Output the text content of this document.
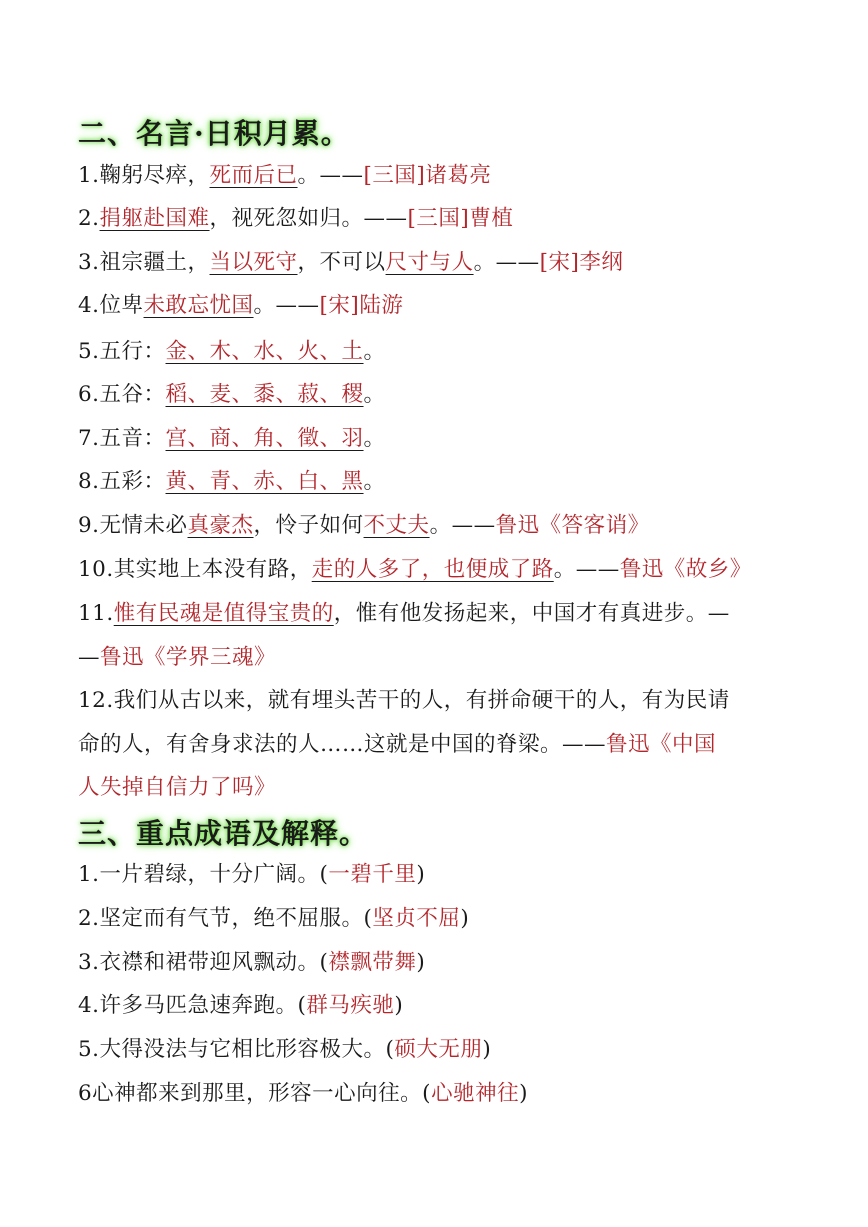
二、名言·日积月累。
1.鞠躬尽瘁，死而后已。——[三国]诸葛亮
2.捐躯赴国难，视死忽如归。——[三国]曹植
3.祖宗疆土，当以死守，不可以尺寸与人。——[宋]李纲
4.位卑未敢忘忧国。——[宋]陆游
5.五行：金、木、水、火、土。
6.五谷：稻、麦、黍、菽、稷。
7.五音：宫、商、角、徵、羽。
8.五彩：黄、青、赤、白、黑。
9.无情未必真豪杰，怜子如何不丈夫。——鲁迅《答客诮》
10.其实地上本没有路，走的人多了，也便成了路。——鲁迅《故乡》
11.惟有民魂是值得宝贵的，惟有他发扬起来，中国才有真进步。—
—鲁迅《学界三魂》
12.我们从古以来，就有埋头苦干的人，有拼命硬干的人，有为民请
命的人，有舍身求法的人……这就是中国的脊梁。——鲁迅《中国
人失掉自信力了吗》
三、重点成语及解释。
1.一片碧绿，十分广阔。(一碧千里)
2.坚定而有气节，绝不屈服。(坚贞不屈)
3.衣襟和裙带迎风飘动。(襟飘带舞)
4.许多马匹急速奔跑。(群马疾驰)
5.大得没法与它相比形容极大。(硕大无朋)
6心神都来到那里，形容一心向往。(心驰神往)
